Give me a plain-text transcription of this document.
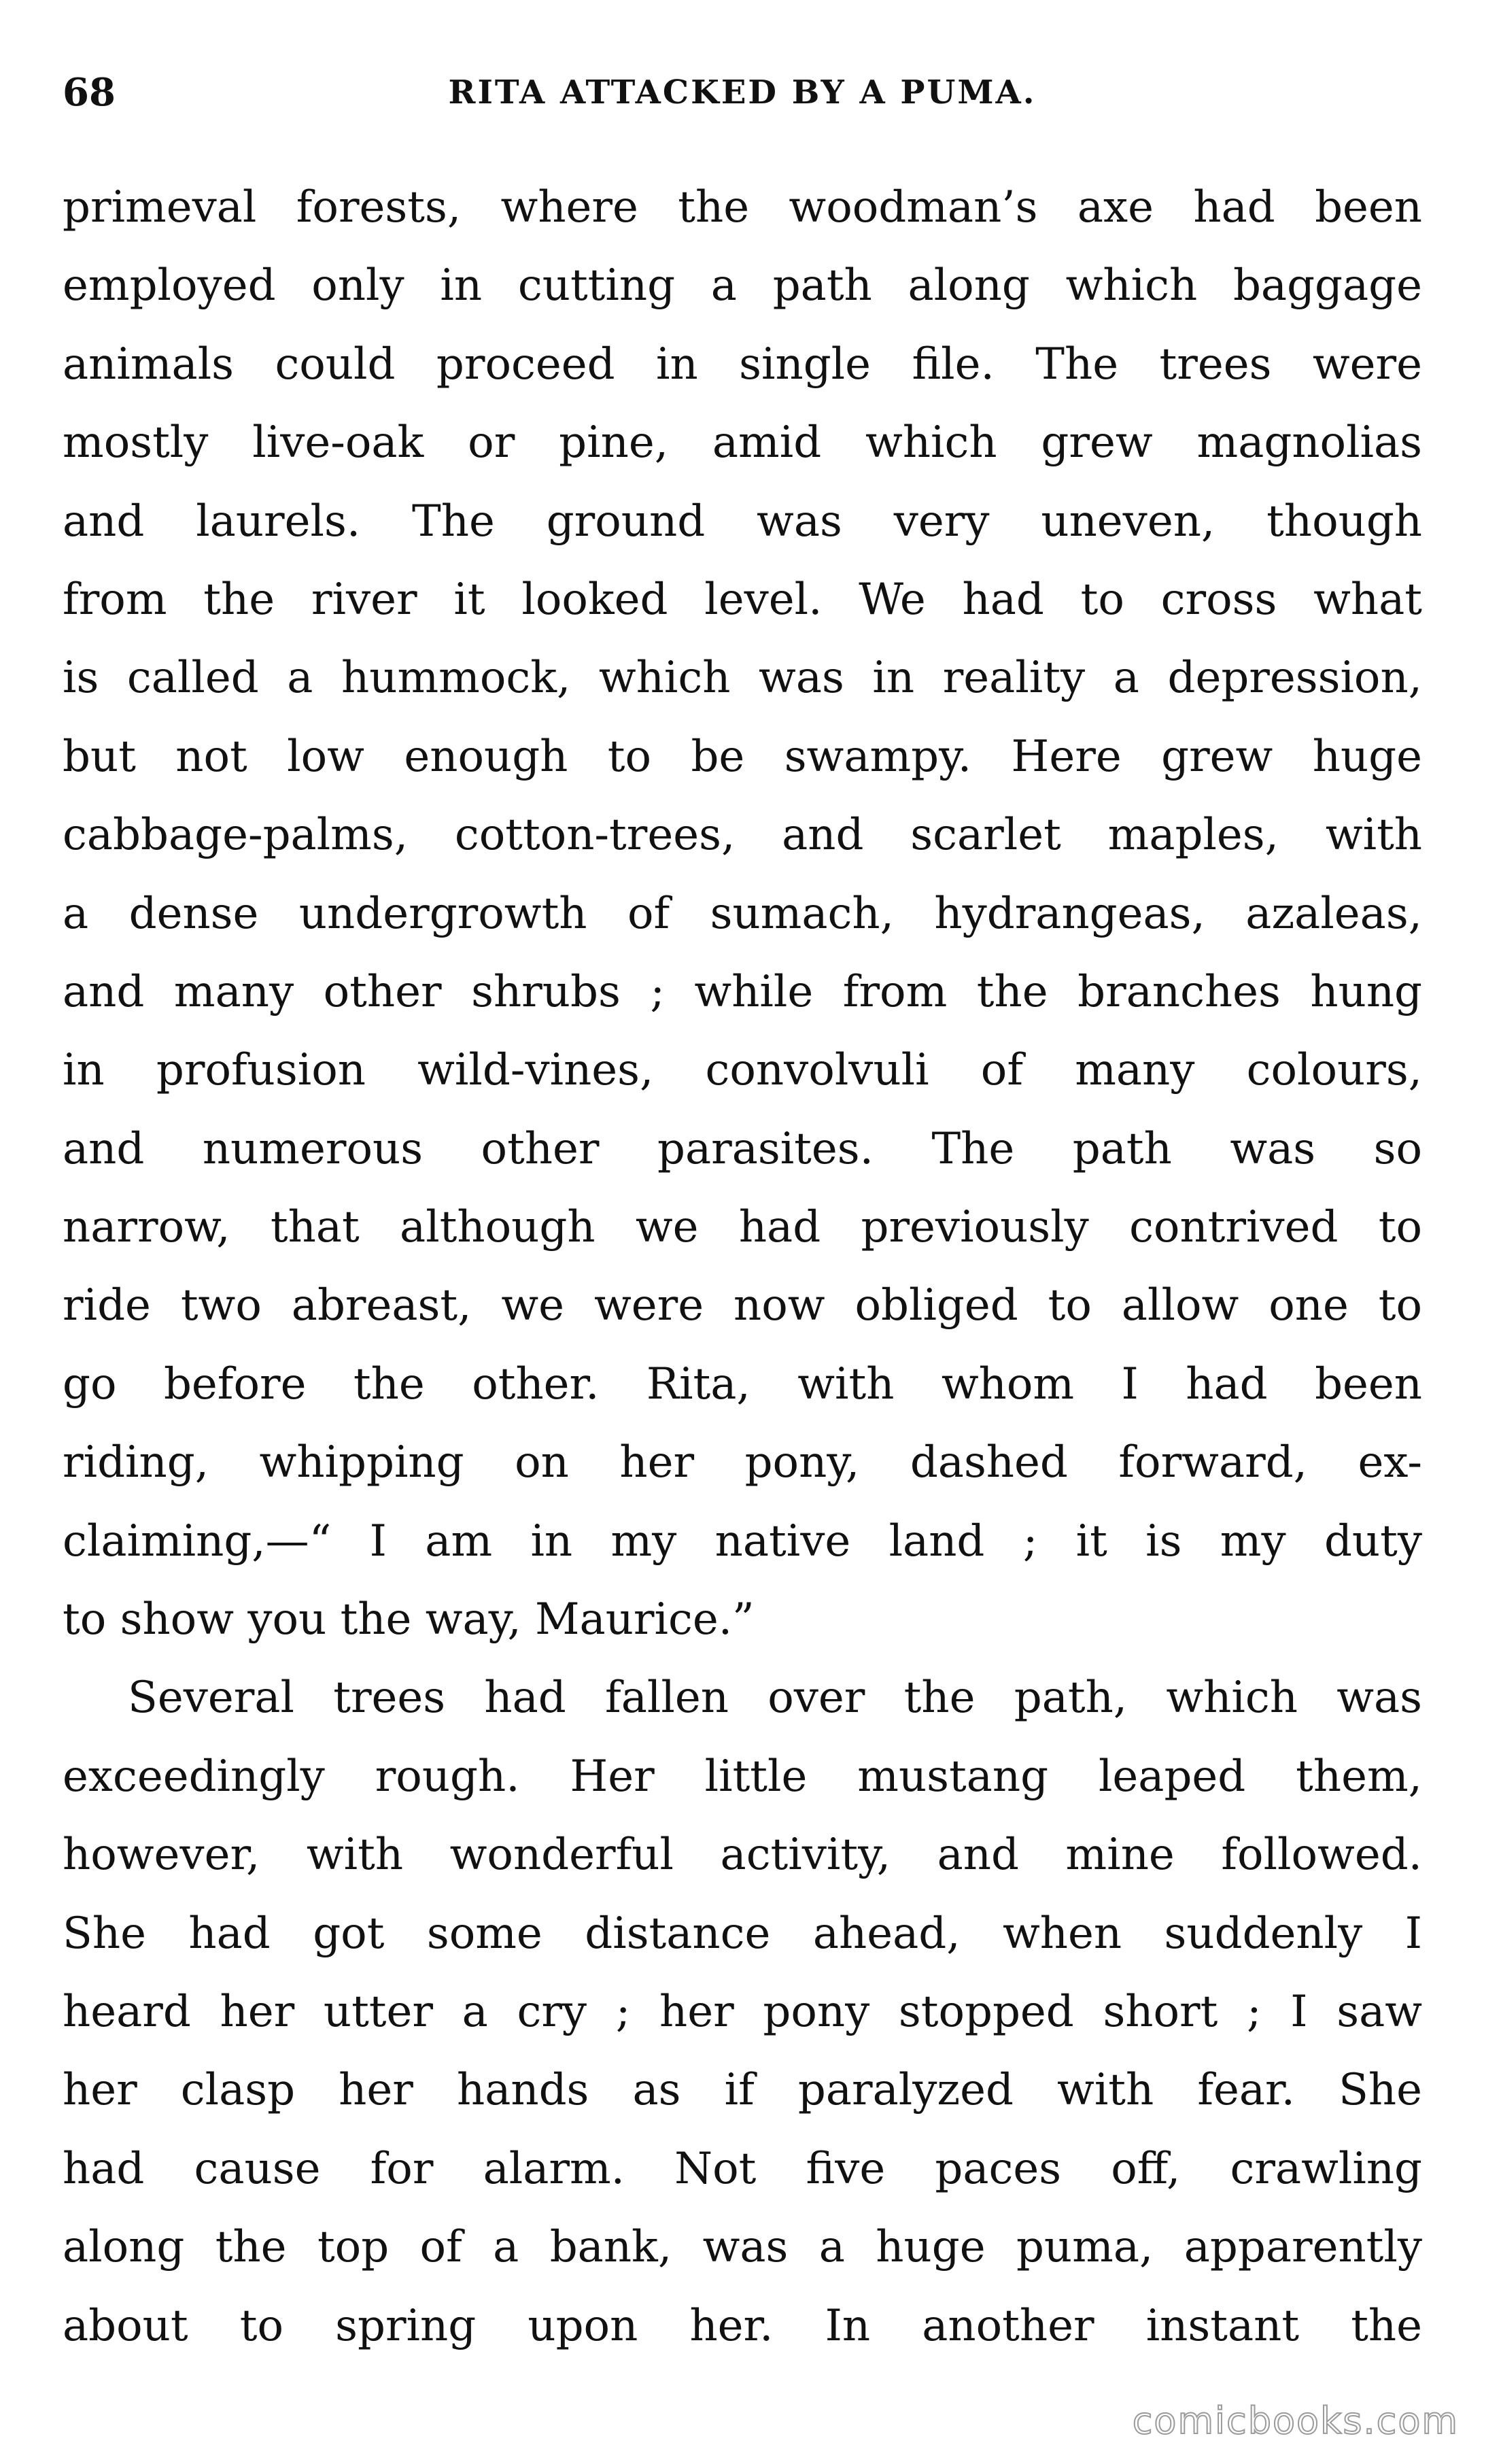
68	RITA ATTACKED BY A PUMA.
primeval forests, where the woodman’s axe had been
employed only in cutting a path along which baggage
animals could proceed in single file. The trees were
mostly live-oak or pine, amid which grew magnolias
and laurels. The ground was very uneven, though
from the river it looked level. We had to cross what
is called a hummock, which was in reality a depression,
but not low enough to be swampy. Here grew huge
cabbage-palms, cotton-trees, and scarlet maples, with
a dense undergrowth of sumach, hydrangeas, azaleas,
and many other shrubs ; while from the branches hung
in profusion wild-vines, convolvuli of many colours,
and numerous other parasites. The path was so
narrow, that although we had previously contrived to
ride two abreast, we were now obliged to allow one to
go before the other. Rita, with whom I had been
riding, whipping on her pony, dashed forward, ex-
claiming,—“ I am in my native land ; it is my duty
to show you the way, Maurice.”
Several trees had fallen over the path, which was
exceedingly rough. Her little mustang leaped them,
however, with wonderful activity, and mine followed.
She had got some distance ahead, when suddenly I
heard her utter a cry ; her pony stopped short ; I saw
her clasp her hands as if paralyzed with fear. She
had cause for alarm. Not five paces off, crawling
along the top of a bank, was a huge puma, apparently
about to spring upon her. In another instant the
comicbooks.com
